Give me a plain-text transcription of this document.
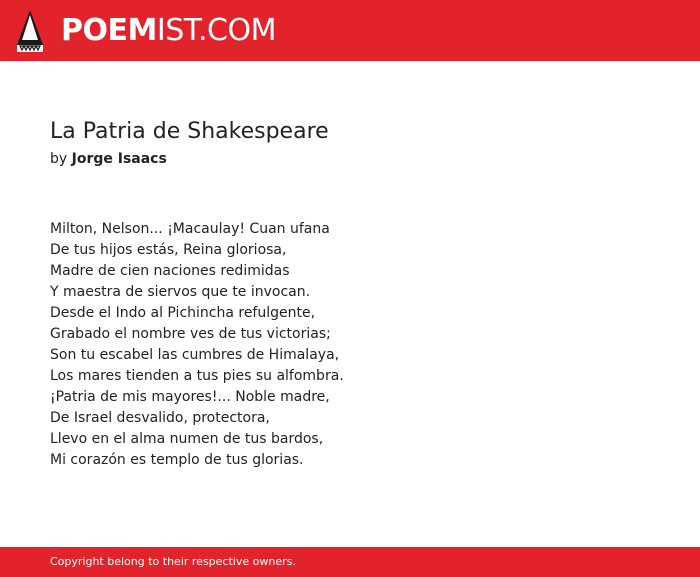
POEMIST.COM
La Patria de Shakespeare
by Jorge Isaacs
Milton, Nelson... ¡Macaulay! Cuan ufana
De tus hijos estás, Reina gloriosa,
Madre de cien naciones redimidas
Y maestra de siervos que te invocan.
Desde el Indo al Pichincha refulgente,
Grabado el nombre ves de tus victorias;
Son tu escabel las cumbres de Himalaya,
Los mares tienden a tus pies su alfombra.
¡Patria de mis mayores!... Noble madre,
De Israel desvalido, protectora,
Llevo en el alma numen de tus bardos,
Mi corazón es templo de tus glorias.
Copyright belong to their respective owners.
